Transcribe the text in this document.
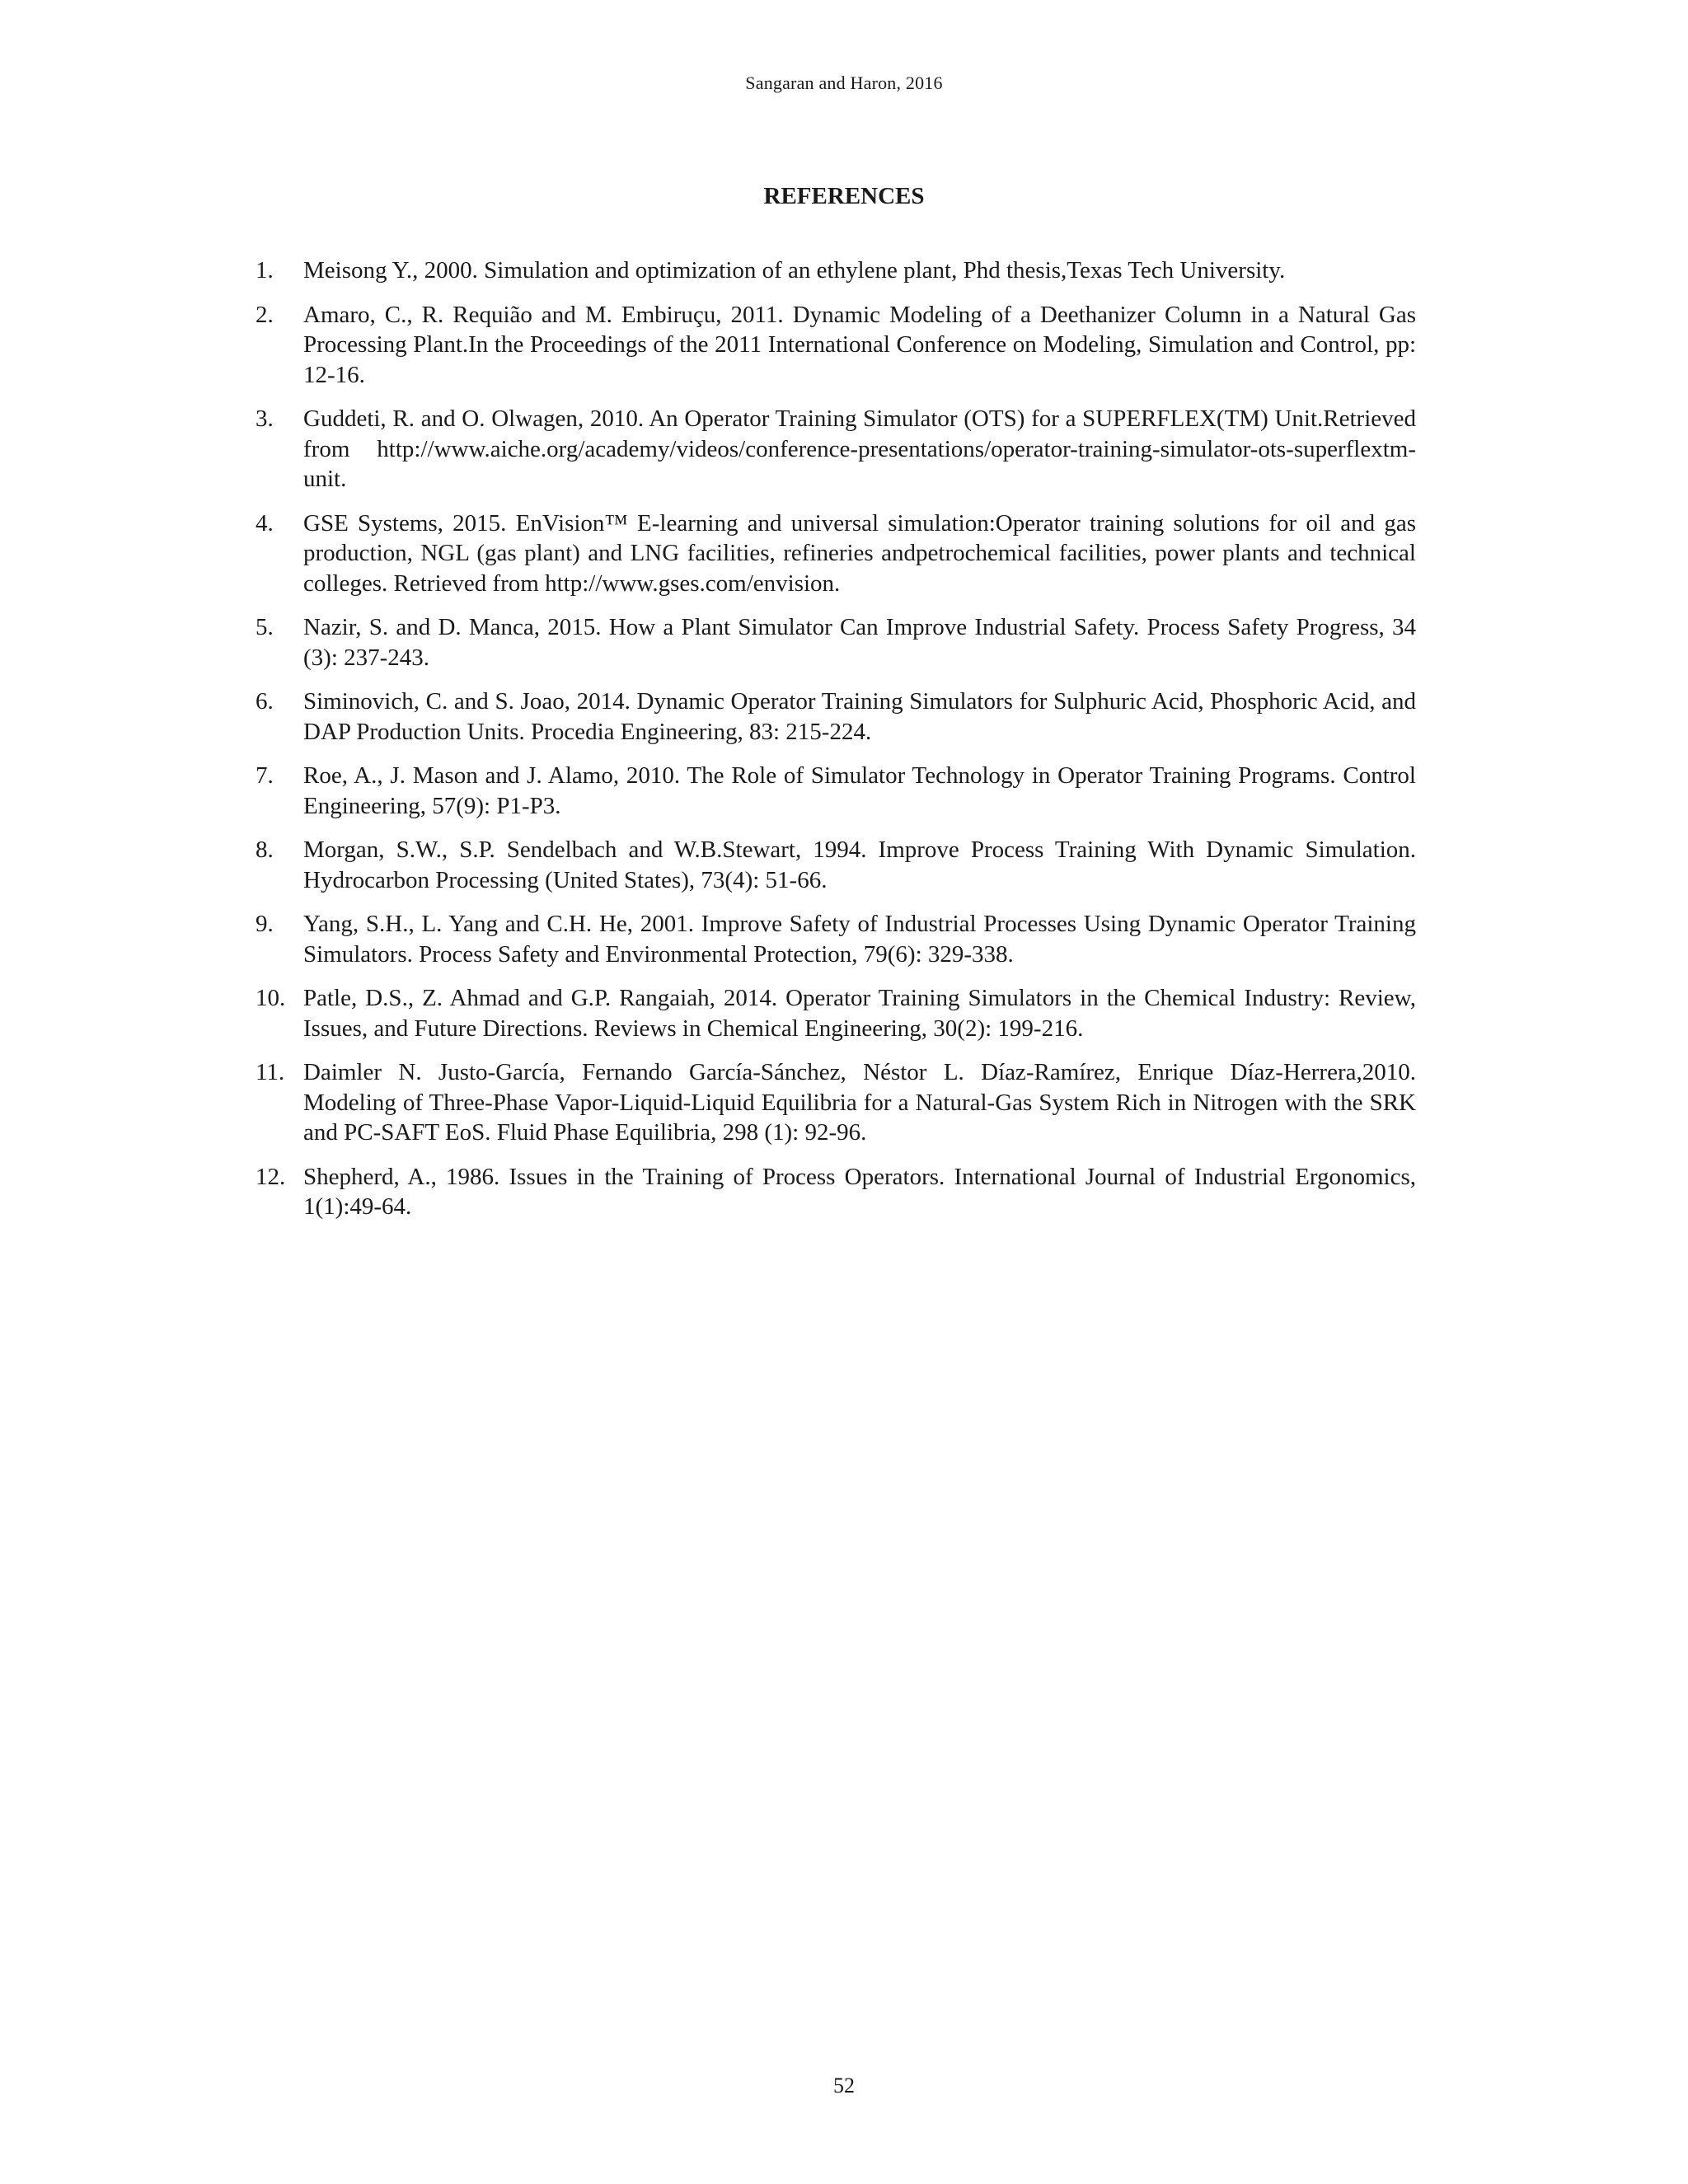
Sangaran and Haron, 2016
REFERENCES
1. Meisong Y., 2000. Simulation and optimization of an ethylene plant, Phd thesis,Texas Tech University.
2. Amaro, C., R. Requião and M. Embiruçu, 2011. Dynamic Modeling of a Deethanizer Column in a Natural Gas Processing Plant.In the Proceedings of the 2011 International Conference on Modeling, Simulation and Control, pp: 12-16.
3. Guddeti, R. and O. Olwagen, 2010. An Operator Training Simulator (OTS) for a SUPERFLEX(TM) Unit.Retrieved from http://www.aiche.org/academy/videos/conference-presentations/operator-training-simulator-ots-superflextm-unit.
4. GSE Systems, 2015. EnVision™ E-learning and universal simulation:Operator training solutions for oil and gas production, NGL (gas plant) and LNG facilities, refineries andpetrochemical facilities, power plants and technical colleges. Retrieved from http://www.gses.com/envision.
5. Nazir, S. and D. Manca, 2015. How a Plant Simulator Can Improve Industrial Safety. Process Safety Progress, 34 (3): 237-243.
6. Siminovich, C. and S. Joao, 2014. Dynamic Operator Training Simulators for Sulphuric Acid, Phosphoric Acid, and DAP Production Units. Procedia Engineering, 83: 215-224.
7. Roe, A., J. Mason and J. Alamo, 2010. The Role of Simulator Technology in Operator Training Programs. Control Engineering, 57(9): P1-P3.
8. Morgan, S.W., S.P. Sendelbach and W.B.Stewart, 1994. Improve Process Training With Dynamic Simulation. Hydrocarbon Processing (United States), 73(4): 51-66.
9. Yang, S.H., L. Yang and C.H. He, 2001. Improve Safety of Industrial Processes Using Dynamic Operator Training Simulators. Process Safety and Environmental Protection, 79(6): 329-338.
10. Patle, D.S., Z. Ahmad and G.P. Rangaiah, 2014. Operator Training Simulators in the Chemical Industry: Review, Issues, and Future Directions. Reviews in Chemical Engineering, 30(2): 199-216.
11. Daimler N. Justo-García, Fernando García-Sánchez, Néstor L. Díaz-Ramírez, Enrique Díaz-Herrera,2010. Modeling of Three-Phase Vapor-Liquid-Liquid Equilibria for a Natural-Gas System Rich in Nitrogen with the SRK and PC-SAFT EoS. Fluid Phase Equilibria, 298 (1): 92-96.
12. Shepherd, A., 1986. Issues in the Training of Process Operators. International Journal of Industrial Ergonomics, 1(1):49-64.
52
